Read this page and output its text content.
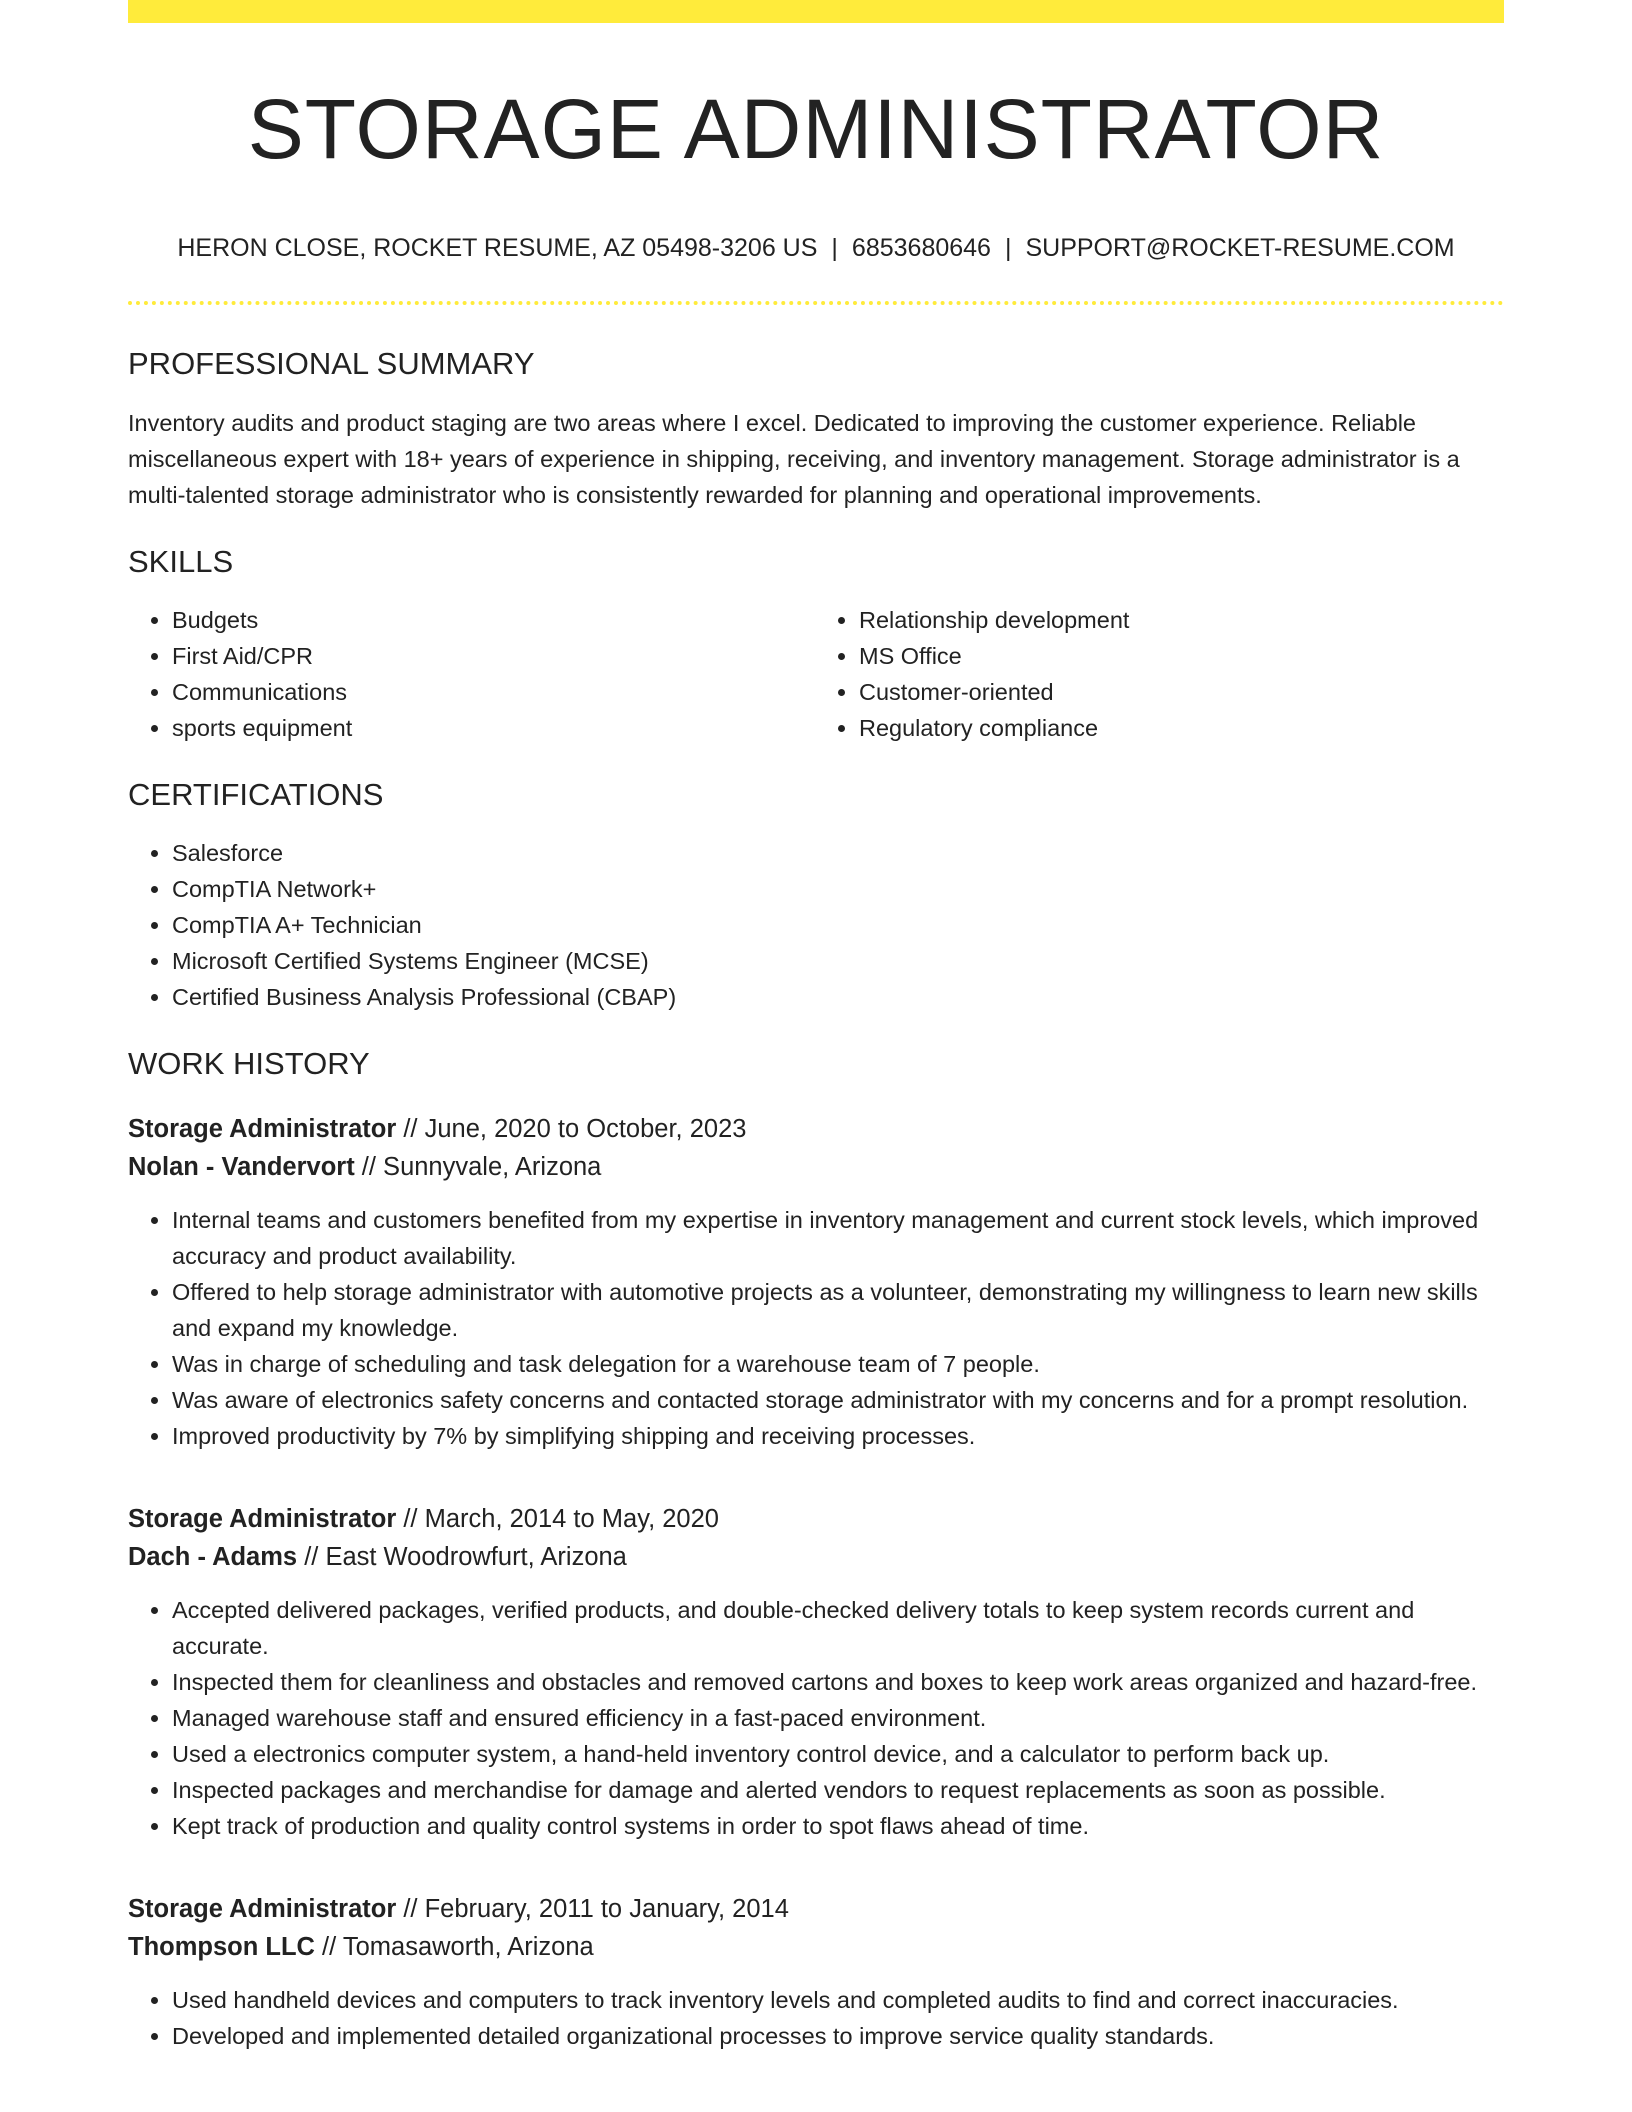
STORAGE ADMINISTRATOR
HERON CLOSE, ROCKET RESUME, AZ 05498-3206 US | 6853680646 | SUPPORT@ROCKET-RESUME.COM
PROFESSIONAL SUMMARY

Inventory audits and product staging are two areas where I excel. Dedicated to improving the customer experience. Reliable miscellaneous expert with 18+ years of experience in shipping, receiving, and inventory management. Storage administrator is a multi-talented storage administrator who is consistently rewarded for planning and operational improvements.

SKILLS
• Budgets
• First Aid/CPR
• Communications
• sports equipment
• Relationship development
• MS Office
• Customer-oriented
• Regulatory compliance
CERTIFICATIONS
• Salesforce
• CompTIA Network+
• CompTIA A+ Technician
• Microsoft Certified Systems Engineer (MCSE)
• Certified Business Analysis Professional (CBAP)
WORK HISTORY
Storage Administrator // June, 2020 to October, 2023
Nolan - Vandervort // Sunnyvale, Arizona
• Internal teams and customers benefited from my expertise in inventory management and current stock levels, which improved accuracy and product availability.
• Offered to help storage administrator with automotive projects as a volunteer, demonstrating my willingness to learn new skills and expand my knowledge.
• Was in charge of scheduling and task delegation for a warehouse team of 7 people.
• Was aware of electronics safety concerns and contacted storage administrator with my concerns and for a prompt resolution.
• Improved productivity by 7% by simplifying shipping and receiving processes.
Storage Administrator // March, 2014 to May, 2020
Dach - Adams // East Woodrowfurt, Arizona
• Accepted delivered packages, verified products, and double-checked delivery totals to keep system records current and accurate.
• Inspected them for cleanliness and obstacles and removed cartons and boxes to keep work areas organized and hazard-free.
• Managed warehouse staff and ensured efficiency in a fast-paced environment.
• Used a electronics computer system, a hand-held inventory control device, and a calculator to perform back up.
• Inspected packages and merchandise for damage and alerted vendors to request replacements as soon as possible.
• Kept track of production and quality control systems in order to spot flaws ahead of time.
Storage Administrator // February, 2011 to January, 2014
Thompson LLC // Tomasaworth, Arizona
• Used handheld devices and computers to track inventory levels and completed audits to find and correct inaccuracies.
• Developed and implemented detailed organizational processes to improve service quality standards.
